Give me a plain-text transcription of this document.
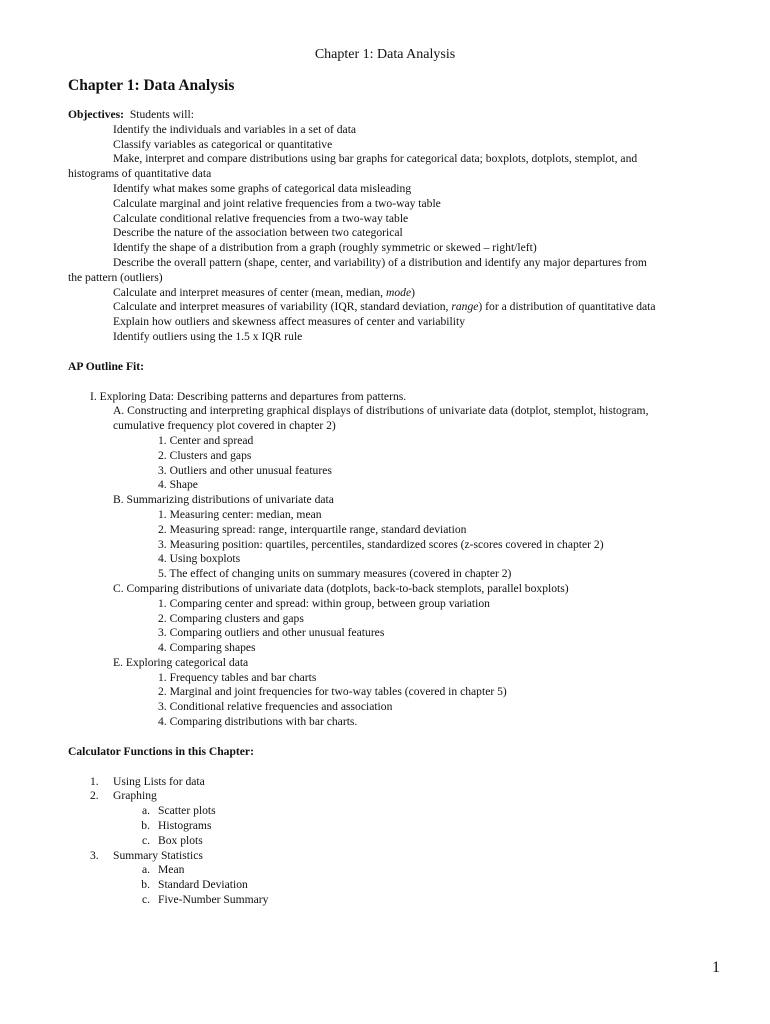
Chapter 1: Data Analysis
Chapter 1: Data Analysis
Objectives: Students will:
Identify the individuals and variables in a set of data
Classify variables as categorical or quantitative
Make, interpret and compare distributions using bar graphs for categorical data; boxplots, dotplots, stemplot, and
histograms of quantitative data
Identify what makes some graphs of categorical data misleading
Calculate marginal and joint relative frequencies from a two-way table
Calculate conditional relative frequencies from a two-way table
Describe the nature of the association between two categorical
Identify the shape of a distribution from a graph (roughly symmetric or skewed – right/left)
Describe the overall pattern (shape, center, and variability) of a distribution and identify any major departures from
the pattern (outliers)
Calculate and interpret measures of center (mean, median, mode)
Calculate and interpret measures of variability (IQR, standard deviation, range) for a distribution of quantitative data
Explain how outliers and skewness affect measures of center and variability
Identify outliers using the 1.5 x IQR rule
AP Outline Fit:
I. Exploring Data: Describing patterns and departures from patterns.
A. Constructing and interpreting graphical displays of distributions of univariate data (dotplot, stemplot, histogram,
cumulative frequency plot covered in chapter 2)
1. Center and spread
2. Clusters and gaps
3. Outliers and other unusual features
4. Shape
B. Summarizing distributions of univariate data
1. Measuring center: median, mean
2. Measuring spread: range, interquartile range, standard deviation
3. Measuring position: quartiles, percentiles, standardized scores (z-scores covered in chapter 2)
4. Using boxplots
5. The effect of changing units on summary measures (covered in chapter 2)
C. Comparing distributions of univariate data (dotplots, back-to-back stemplots, parallel boxplots)
1. Comparing center and spread: within group, between group variation
2. Comparing clusters and gaps
3. Comparing outliers and other unusual features
4. Comparing shapes
E. Exploring categorical data
1. Frequency tables and bar charts
2. Marginal and joint frequencies for two-way tables (covered in chapter 5)
3. Conditional relative frequencies and association
4. Comparing distributions with bar charts.
Calculator Functions in this Chapter:
1. Using Lists for data
2. Graphing
a. Scatter plots
b. Histograms
c. Box plots
3. Summary Statistics
a. Mean
b. Standard Deviation
c. Five-Number Summary
1
